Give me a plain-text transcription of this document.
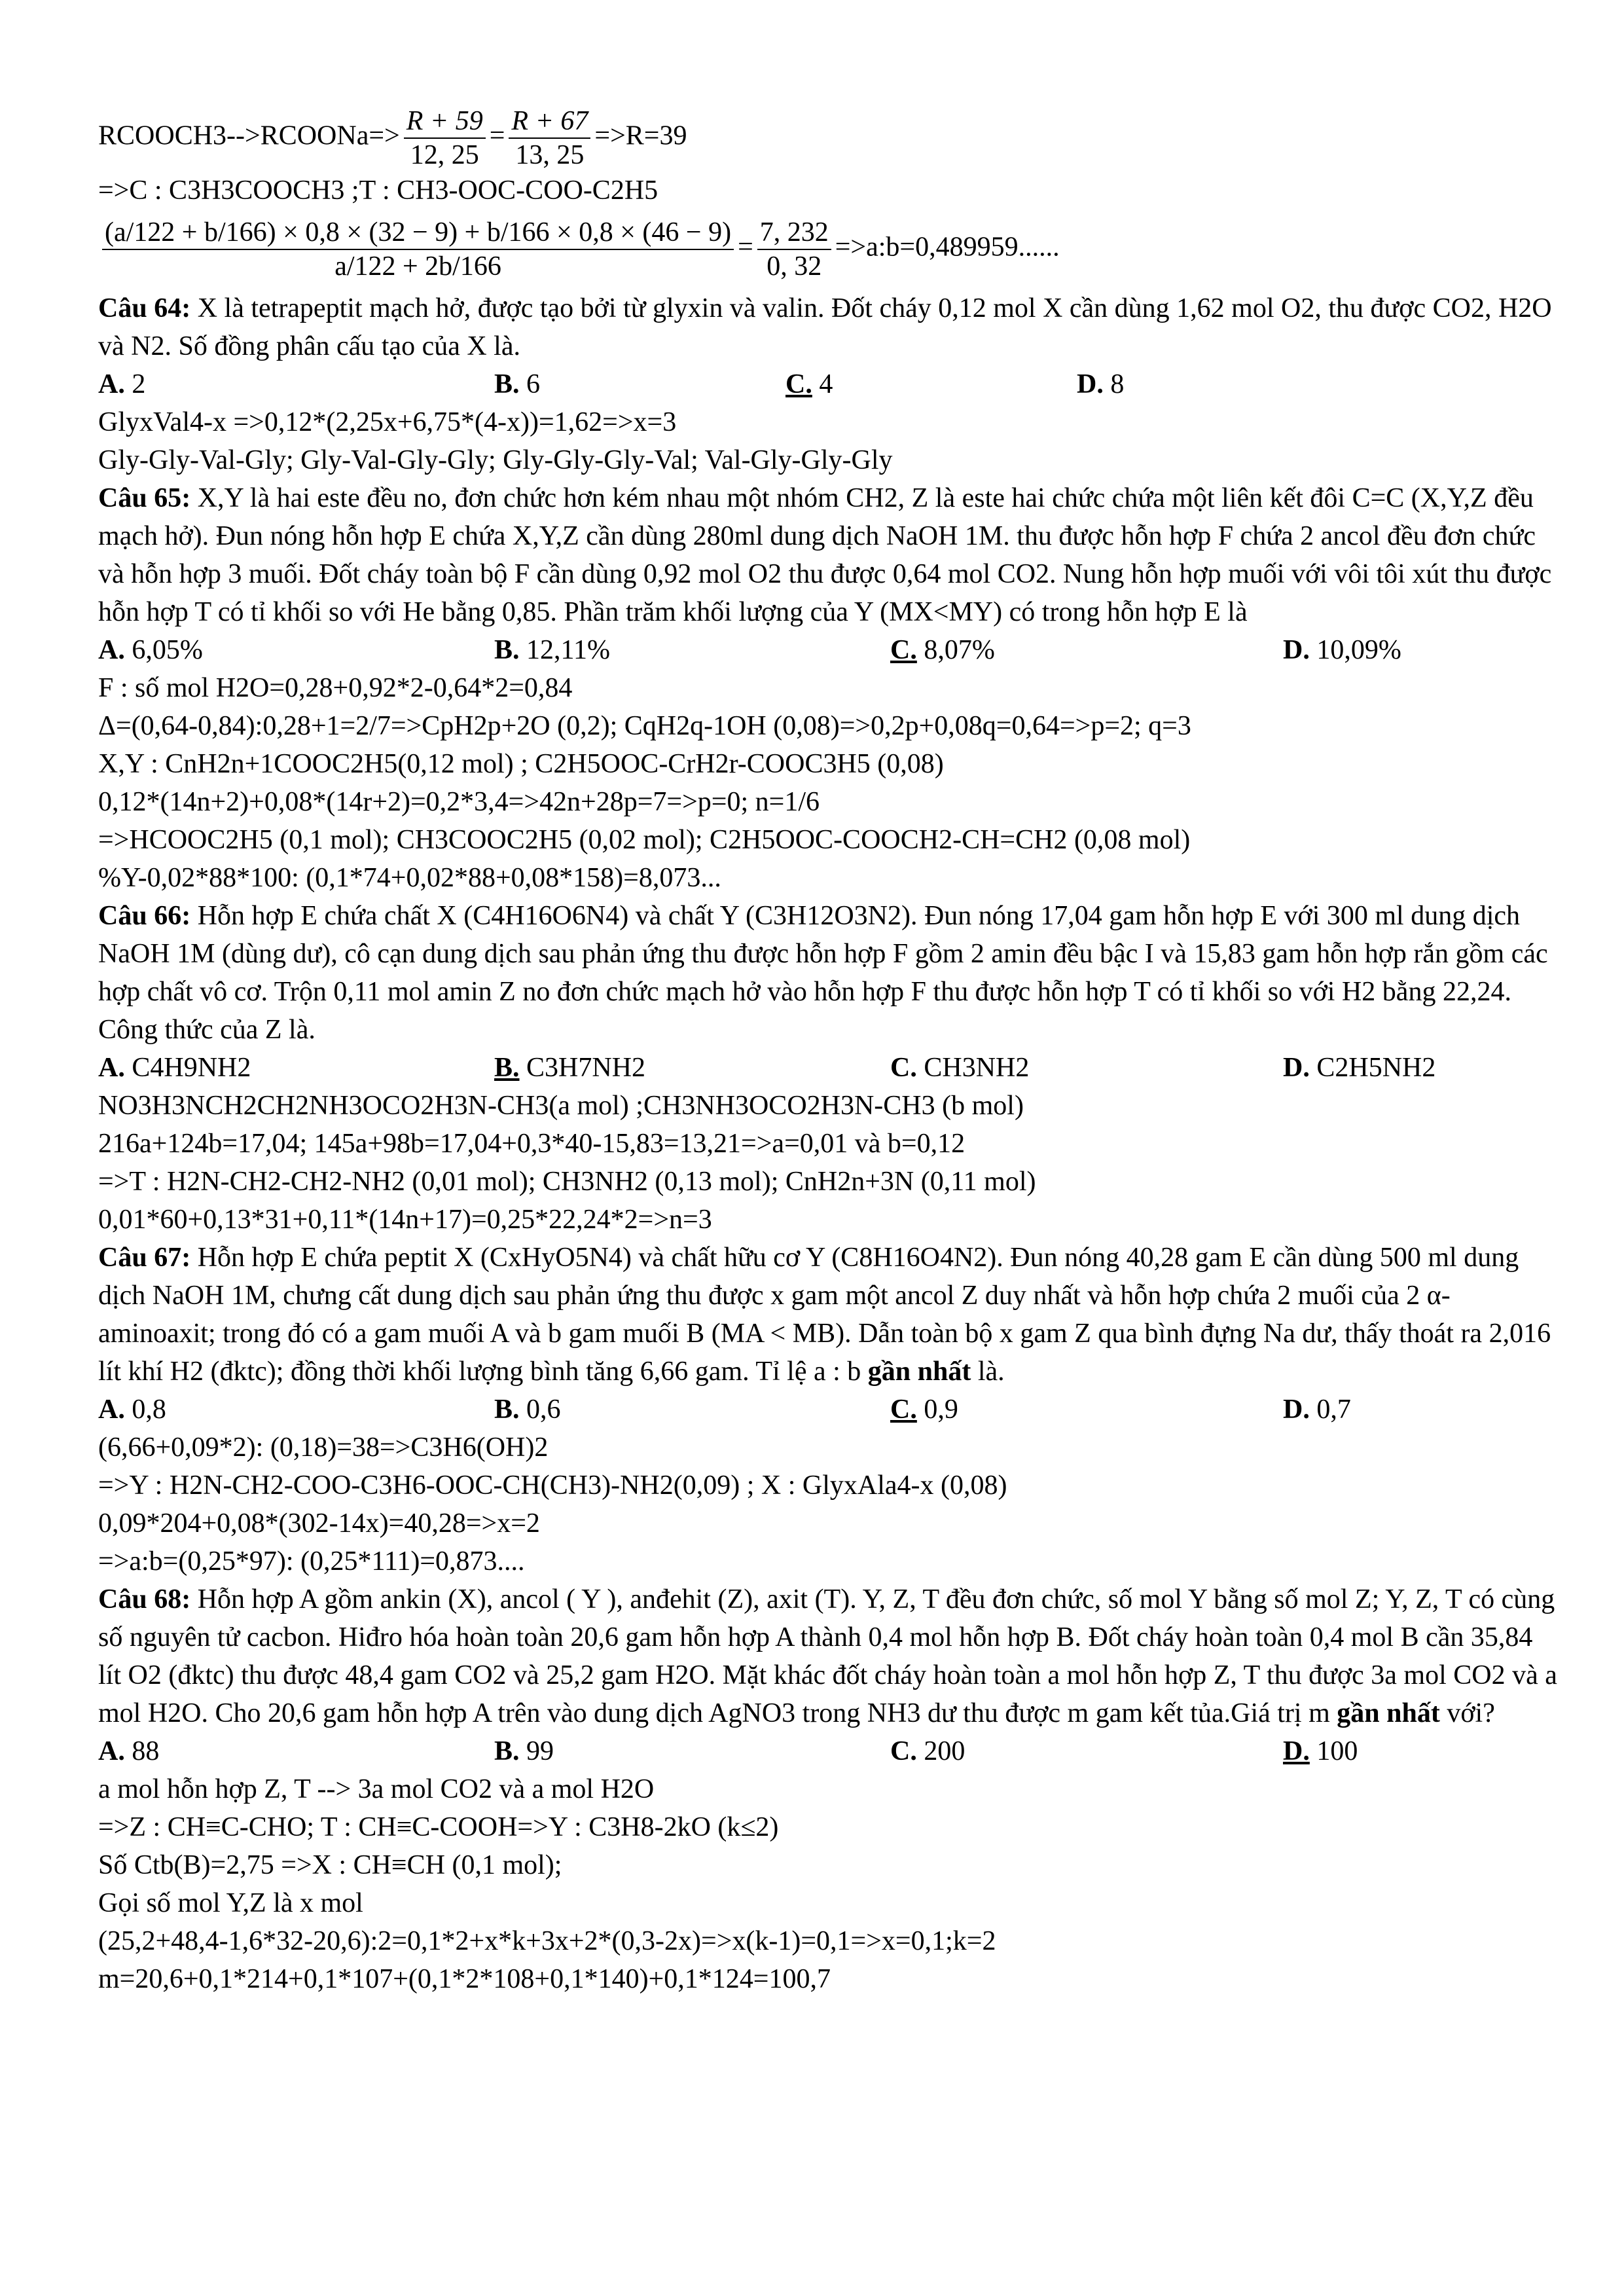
RCOOCH3-->RCOONa=> $\frac{R + 59}{12, 25} = \frac{R + 67}{13, 25} =>R=39$
=>C : C3H3COOCH3 ;T : CH3-OOC-COO-C2H5
$\frac{(a/122 + b/166) \times 0,8 \times (32 - 9) + b/166 \times 0,8 \times (46 - 9)}{a/122 + 2b/166} = \frac{7, 232}{0, 32}$ =>a:b=0,489959......
Câu 64: X là tetrapeptit mạch hở, được tạo bởi từ glyxin và valin. Đốt cháy 0,12 mol X cần dùng 1,62 mol O2, thu được CO2, H2O và N2. Số đồng phân cấu tạo của X là.
A. 2	B. 6	C. 4	D. 8
GlyxVal4-x =>0,12*(2,25x+6,75*(4-x))=1,62=>x=3
Gly-Gly-Val-Gly; Gly-Val-Gly-Gly; Gly-Gly-Gly-Val; Val-Gly-Gly-Gly
Câu 65: X,Y là hai este đều no, đơn chức hơn kém nhau một nhóm CH2, Z là este hai chức chứa một liên kết đôi C=C (X,Y,Z đều mạch hở). Đun nóng hỗn hợp E chứa X,Y,Z cần dùng 280ml dung dịch NaOH 1M. thu được hỗn hợp F chứa 2 ancol đều đơn chức và hỗn hợp 3 muối. Đốt cháy toàn bộ F cần dùng 0,92 mol O2 thu được 0,64 mol CO2. Nung hỗn hợp muối với vôi tôi xút thu được hỗn hợp T có tỉ khối so với He bằng 0,85. Phần trăm khối lượng của Y (MX<MY) có trong hỗn hợp E là
A. 6,05%	B. 12,11%	C. 8,07%	D. 10,09%
F : số mol H2O=0,28+0,92*2-0,64*2=0,84
Δ=(0,64-0,84):0,28+1=2/7=>CpH2p+2O (0,2); CqH2q-1OH (0,08)=>0,2p+0,08q=0,64=>p=2; q=3
X,Y : CnH2n+1COOC2H5(0,12 mol) ; C2H5OOC-CrH2r-COOC3H5 (0,08)
0,12*(14n+2)+0,08*(14r+2)=0,2*3,4=>42n+28p=7=>p=0; n=1/6
=>HCOOC2H5 (0,1 mol); CH3COOC2H5 (0,02 mol); C2H5OOC-COOCH2-CH=CH2 (0,08 mol)
%Y-0,02*88*100: (0,1*74+0,02*88+0,08*158)=8,073...
Câu 66: Hỗn hợp E chứa chất X (C4H16O6N4) và chất Y (C3H12O3N2). Đun nóng 17,04 gam hỗn hợp E với 300 ml dung dịch NaOH 1M (dùng dư), cô cạn dung dịch sau phản ứng thu được hỗn hợp F gồm 2 amin đều bậc I và 15,83 gam hỗn hợp rắn gồm các hợp chất vô cơ. Trộn 0,11 mol amin Z no đơn chức mạch hở vào hỗn hợp F thu được hỗn hợp T có tỉ khối so với H2 bằng 22,24. Công thức của Z là.
A. C4H9NH2	B. C3H7NH2	C. CH3NH2	D. C2H5NH2
NO3H3NCH2CH2NH3OCO2H3N-CH3(a mol) ;CH3NH3OCO2H3N-CH3 (b mol)
216a+124b=17,04; 145a+98b=17,04+0,3*40-15,83=13,21=>a=0,01 và b=0,12
=>T : H2N-CH2-CH2-NH2 (0,01 mol); CH3NH2 (0,13 mol); CnH2n+3N (0,11 mol)
0,01*60+0,13*31+0,11*(14n+17)=0,25*22,24*2=>n=3
Câu 67: Hỗn hợp E chứa peptit X (CxHyO5N4) và chất hữu cơ Y (C8H16O4N2). Đun nóng 40,28 gam E cần dùng 500 ml dung dịch NaOH 1M, chưng cất dung dịch sau phản ứng thu được x gam một ancol Z duy nhất và hỗn hợp chứa 2 muối của 2 α-aminoaxit; trong đó có a gam muối A và b gam muối B (MA < MB). Dẫn toàn bộ x gam Z qua bình đựng Na dư, thấy thoát ra 2,016 lít khí H2 (đktc); đồng thời khối lượng bình tăng 6,66 gam. Tỉ lệ a : b gần nhất là.
A. 0,8	B. 0,6	C. 0,9	D. 0,7
(6,66+0,09*2): (0,18)=38=>C3H6(OH)2
=>Y : H2N-CH2-COO-C3H6-OOC-CH(CH3)-NH2(0,09) ; X : GlyxAla4-x (0,08)
0,09*204+0,08*(302-14x)=40,28=>x=2
=>a:b=(0,25*97): (0,25*111)=0,873....
Câu 68: Hỗn hợp A gồm ankin (X), ancol ( Y ), anđehit (Z), axit (T). Y, Z, T đều đơn chức, số mol Y bằng số mol Z; Y, Z, T có cùng số nguyên tử cacbon. Hiđro hóa hoàn toàn 20,6 gam hỗn hợp A thành 0,4 mol hỗn hợp B. Đốt cháy hoàn toàn 0,4 mol B cần 35,84 lít O2 (đktc) thu được 48,4 gam CO2 và 25,2 gam H2O. Mặt khác đốt cháy hoàn toàn a mol hỗn hợp Z, T thu được 3a mol CO2 và a mol H2O. Cho 20,6 gam hỗn hợp A trên vào dung dịch AgNO3 trong NH3 dư thu được m gam kết tủa.Giá trị m gần nhất với?
A. 88	B. 99	C. 200	D. 100
a mol hỗn hợp Z, T --> 3a mol CO2 và a mol H2O
=>Z : CH≡C-CHO; T : CH≡C-COOH=>Y : C3H8-2kO (k≤2)
Số Ctb(B)=2,75 =>X : CH≡CH (0,1 mol);
Gọi số mol Y,Z là x mol
(25,2+48,4-1,6*32-20,6):2=0,1*2+x*k+3x+2*(0,3-2x)=>x(k-1)=0,1=>x=0,1;k=2
m=20,6+0,1*214+0,1*107+(0,1*2*108+0,1*140)+0,1*124=100,7
